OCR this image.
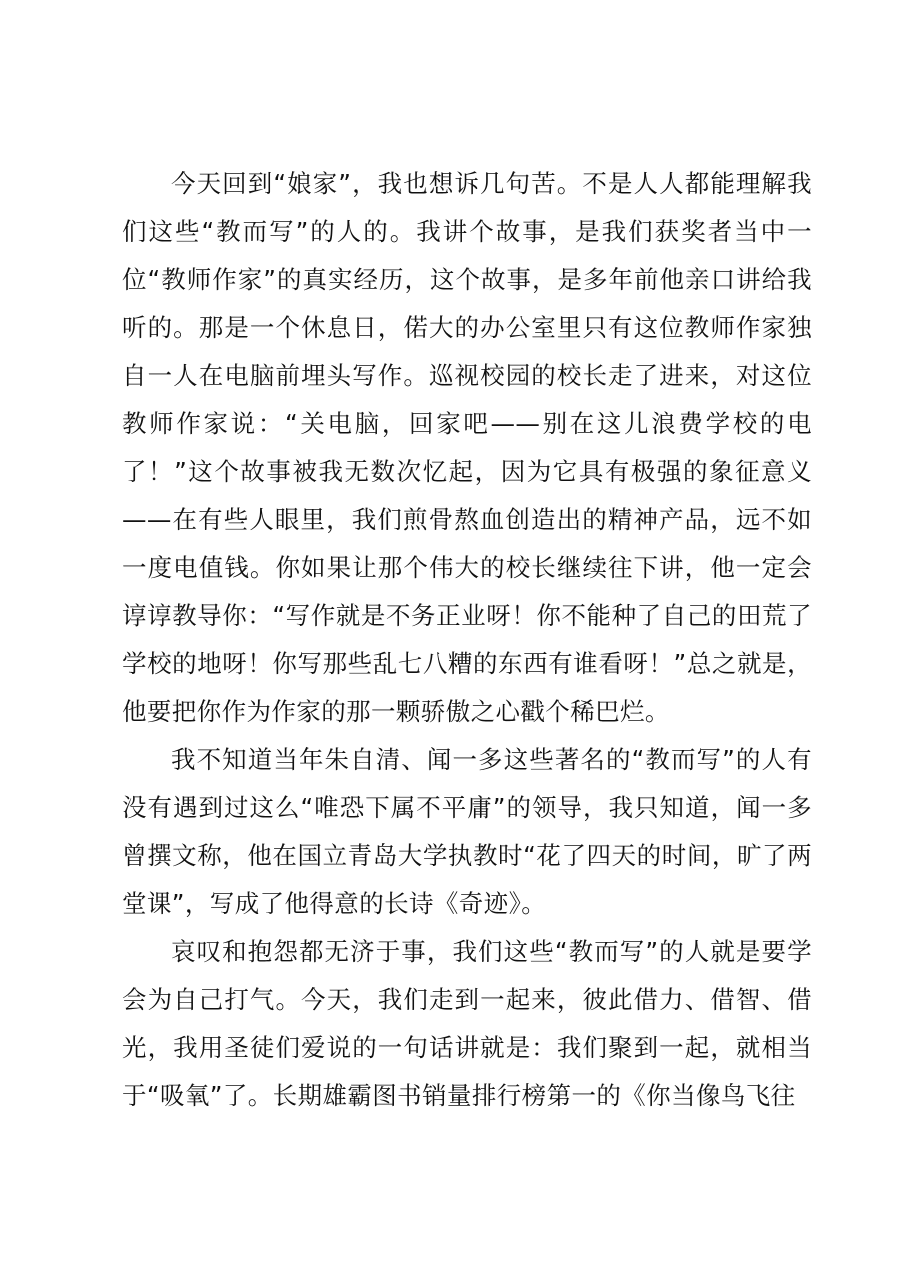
今天回到“娘家”，我也想诉几句苦。不是人人都能理解我们这些“教而写”的人的。我讲个故事，是我们获奖者当中一位“教师作家”的真实经历，这个故事，是多年前他亲口讲给我听的。那是一个休息日，偌大的办公室里只有这位教师作家独自一人在电脑前埋头写作。巡视校园的校长走了进来，对这位教师作家说：“关电脑，回家吧——别在这儿浪费学校的电了！”这个故事被我无数次忆起，因为它具有极强的象征意义——在有些人眼里，我们煎骨熬血创造出的精神产品，远不如一度电值钱。你如果让那个伟大的校长继续往下讲，他一定会谆谆教导你：“写作就是不务正业呀！你不能种了自己的田荒了学校的地呀！你写那些乱七八糟的东西有谁看呀！”总之就是，他要把你作为作家的那一颗骄傲之心戳个稀巴烂。

我不知道当年朱自清、闻一多这些著名的“教而写”的人有没有遇到过这么“唯恐下属不平庸”的领导，我只知道，闻一多曾撰文称，他在国立青岛大学执教时“花了四天的时间，旷了两堂课”，写成了他得意的长诗《奇迹》。

哀叹和抱怨都无济于事，我们这些“教而写”的人就是要学会为自己打气。今天，我们走到一起来，彼此借力、借智、借光，我用圣徒们爱说的一句话讲就是：我们聚到一起，就相当于“吸氧”了。长期雄霸图书销量排行榜第一的《你当像鸟飞往
